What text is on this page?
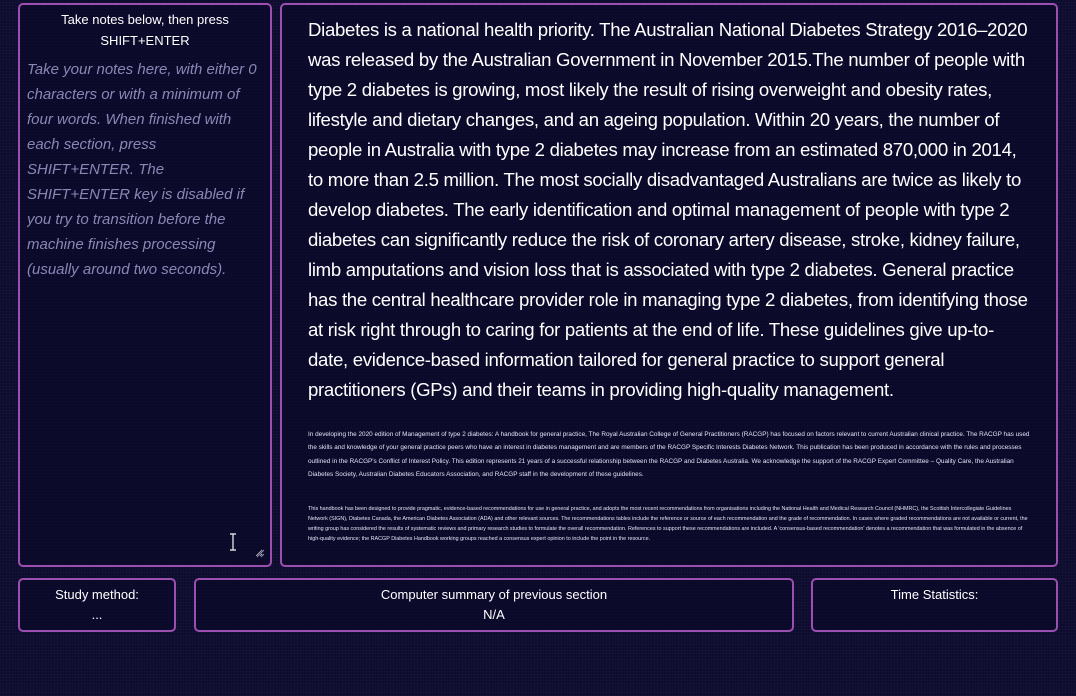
Take notes below, then press
SHIFT+ENTER
Take your notes here, with either 0 characters or with a minimum of four words. When finished with each section, press SHIFT+ENTER. The SHIFT+ENTER key is disabled if you try to transition before the machine finishes processing (usually around two seconds).

Diabetes is a national health priority. The Australian National Diabetes Strategy 2016–2020 was released by the Australian Government in November 2015.The number of people with type 2 diabetes is growing, most likely the result of rising overweight and obesity rates, lifestyle and dietary changes, and an ageing population. Within 20 years, the number of people in Australia with type 2 diabetes may increase from an estimated 870,000 in 2014, to more than 2.5 million. The most socially disadvantaged Australians are twice as likely to develop diabetes. The early identification and optimal management of people with type 2 diabetes can significantly reduce the risk of coronary artery disease, stroke, kidney failure, limb amputations and vision loss that is associated with type 2 diabetes. General practice has the central healthcare provider role in managing type 2 diabetes, from identifying those at risk right through to caring for patients at the end of life. These guidelines give up-to-date, evidence-based information tailored for general practice to support general practitioners (GPs) and their teams in providing high-quality management.

In developing the 2020 edition of Management of type 2 diabetes: A handbook for general practice, The Royal Australian College of General Practitioners (RACGP) has focused on factors relevant to current Australian clinical practice. The RACGP has used the skills and knowledge of your general practice peers who have an interest in diabetes management and are members of the RACGP Specific Interests Diabetes Network. This publication has been produced in accordance with the rules and processes outlined in the RACGP's Conflict of Interest Policy. This edition represents 21 years of a successful relationship between the RACGP and Diabetes Australia. We acknowledge the support of the RACGP Expert Committee – Quality Care, the Australian Diabetes Society, Australian Diabetes Educators Association, and RACGP staff in the development of these guidelines.

This handbook has been designed to provide pragmatic, evidence-based recommendations for use in general practice, and adopts the most recent recommendations from organisations including the National Health and Medical Research Council (NHMRC), the Scottish Intercollegiate Guidelines Network (SIGN), Diabetes Canada, the American Diabetes Association (ADA) and other relevant sources. The recommendations tables include the reference or source of each recommendation and the grade of recommendation. In cases where graded recommendations are not available or current, the writing group has considered the results of systematic reviews and primary research studies to formulate the overall recommendation. References to support these recommendations are included. A 'consensus-based recommendation' denotes a recommendation that was formulated in the absence of high-quality evidence; the RACGP Diabetes Handbook working groups reached a consensus expert opinion to include the point in the resource.

Study method:
...
Computer summary of previous section
N/A
Time Statistics:
